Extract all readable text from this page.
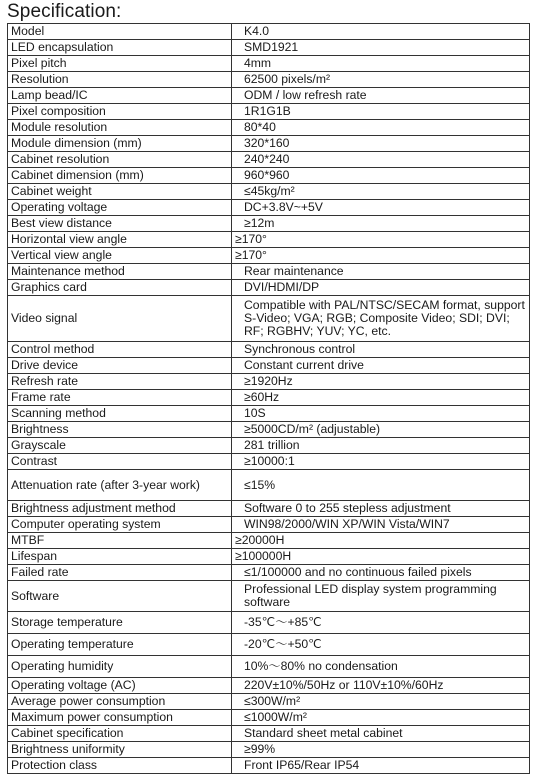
Specification:
Model	K4.0
LED encapsulation	SMD1921
Pixel pitch	4mm
Resolution	62500 pixels/m²
Lamp bead/IC	ODM / low refresh rate
Pixel composition	1R1G1B
Module resolution	80*40
Module dimension (mm)	320*160
Cabinet resolution	240*240
Cabinet dimension (mm)	960*960
Cabinet weight	≤45kg/m²
Operating voltage	DC+3.8V~+5V
Best view distance	≥12m
Horizontal view angle	≥170°
Vertical view angle	≥170°
Maintenance method	Rear maintenance
Graphics card	DVI/HDMI/DP
Video signal	Compatible with PAL/NTSC/SECAM format, support S-Video; VGA; RGB; Composite Video; SDI; DVI; RF; RGBHV; YUV; YC, etc.
Control method	Synchronous control
Drive device	Constant current drive
Refresh rate	≥1920Hz
Frame rate	≥60Hz
Scanning method	10S
Brightness	≥5000CD/m² (adjustable)
Grayscale	281 trillion
Contrast	≥10000:1
Attenuation rate (after 3-year work)	≤15%
Brightness adjustment method	Software 0 to 255 stepless adjustment
Computer operating system	WIN98/2000/WIN XP/WIN Vista/WIN7
MTBF	≥20000H
Lifespan	≥100000H
Failed rate	≤1/100000 and no continuous failed pixels
Software	Professional LED display system programming software
Storage temperature	-35℃～+85℃
Operating temperature	-20℃～+50℃
Operating humidity	10%～80% no condensation
Operating voltage (AC)	220V±10%/50Hz or 110V±10%/60Hz
Average power consumption	≤300W/m²
Maximum power consumption	≤1000W/m²
Cabinet specification	Standard sheet metal cabinet
Brightness uniformity	≥99%
Protection class	Front IP65/Rear IP54
